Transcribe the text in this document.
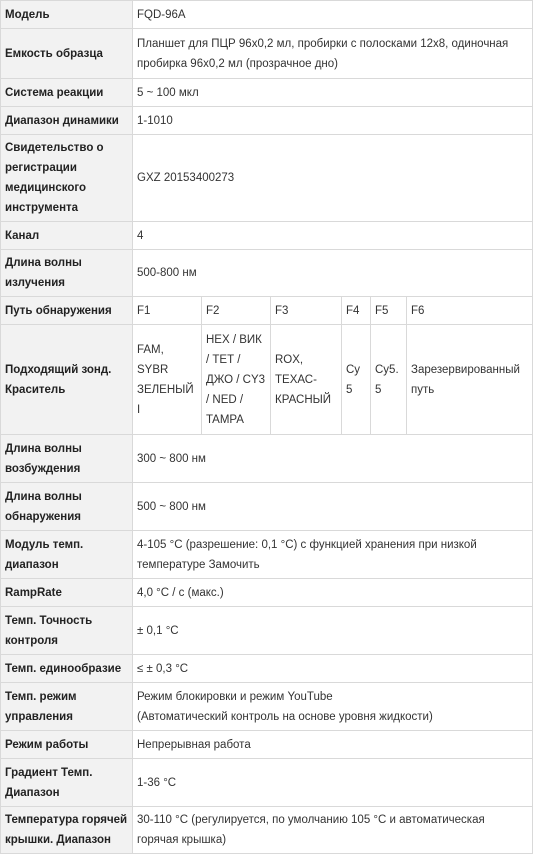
Модель	FQD-96A					
Емкость образца	Планшет для ПЦР 96x0,2 мл, пробирки с полосками 12x8, одиночная пробирка 96x0,2 мл (прозрачное дно)					
Система реакции	5 ~ 100 мкл					
Диапазон динамики	1-1010					
Свидетельство о регистрации медицинского инструмента	GXZ 20153400273					
Канал	4					
Длина волны излучения	500-800 нм					
Путь обнаружения	F1	F2	F3	F4	F5	F6
Подходящий зонд. Краситель	FAM, SYBR ЗЕЛЕНЫЙ I	HEX / ВИК / ТЕТ / ДЖО / CY3 / NED / TAMPA	ROX, ТЕХАС-КРАСНЫЙ	Cy5	Cy5.5	Зарезервированный путь
Длина волны возбуждения	300 ~ 800 нм					
Длина волны обнаружения	500 ~ 800 нм					
Модуль темп. диапазон	4-105 °C (разрешение: 0,1 °C) с функцией хранения при низкой температуре Замочить					
RampRate	4,0 °C / с (макс.)					
Темп. Точность контроля	± 0,1 °C					
Темп. единообразие	≤ ± 0,3 °C					
Темп. режим управления	Режим блокировки и режим YouTube
(Автоматический контроль на основе уровня жидкости)					

Режим работы	Непрерывная работа					
Градиент Темп. Диапазон	1-36 °C					
Температура горячей крышки. Диапазон	30-110 °C (регулируется, по умолчанию 105 °C и автоматическая горячая крышка)					
